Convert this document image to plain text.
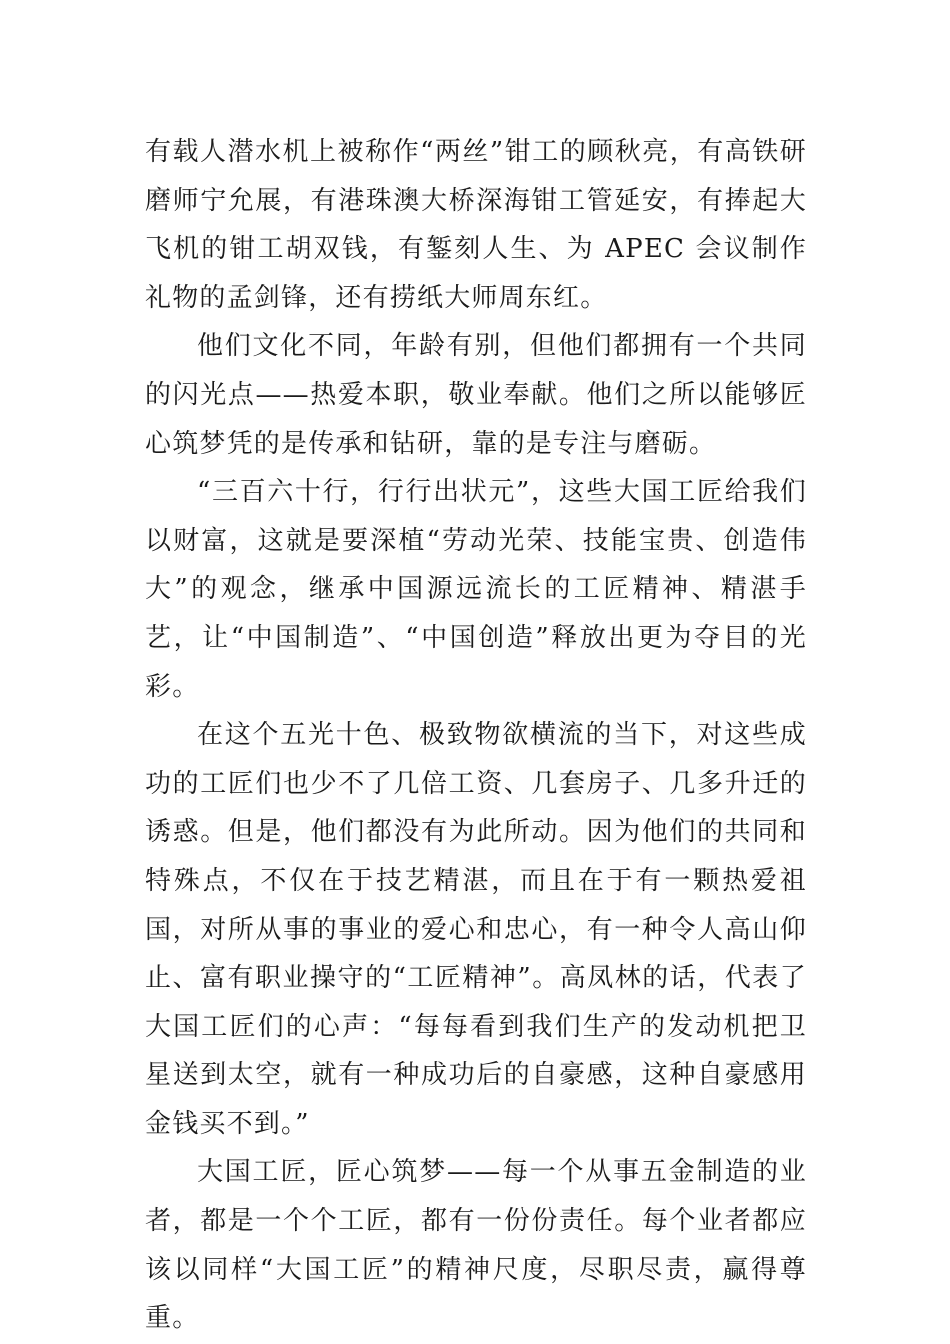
有载人潜水机上被称作“两丝”钳工的顾秋亮，有高铁研磨师宁允展，有港珠澳大桥深海钳工管延安，有捧起大飞机的钳工胡双钱，有錾刻人生、为 APEC 会议制作礼物的孟剑锋，还有捞纸大师周东红。

他们文化不同，年龄有别，但他们都拥有一个共同的闪光点——热爱本职，敬业奉献。他们之所以能够匠心筑梦凭的是传承和钻研，靠的是专注与磨砺。

“三百六十行，行行出状元”，这些大国工匠给我们以财富，这就是要深植“劳动光荣、技能宝贵、创造伟大”的观念，继承中国源远流长的工匠精神、精湛手艺，让“中国制造”、“中国创造”释放出更为夺目的光彩。

在这个五光十色、极致物欲横流的当下，对这些成功的工匠们也少不了几倍工资、几套房子、几多升迁的诱惑。但是，他们都没有为此所动。因为他们的共同和特殊点，不仅在于技艺精湛，而且在于有一颗热爱祖国，对所从事的事业的爱心和忠心，有一种令人高山仰止、富有职业操守的“工匠精神”。高凤林的话，代表了大国工匠们的心声：“每每看到我们生产的发动机把卫星送到太空，就有一种成功后的自豪感，这种自豪感用金钱买不到。”

大国工匠，匠心筑梦——每一个从事五金制造的业者，都是一个个工匠，都有一份份责任。每个业者都应该以同样“大国工匠”的精神尺度，尽职尽责，赢得尊重。
